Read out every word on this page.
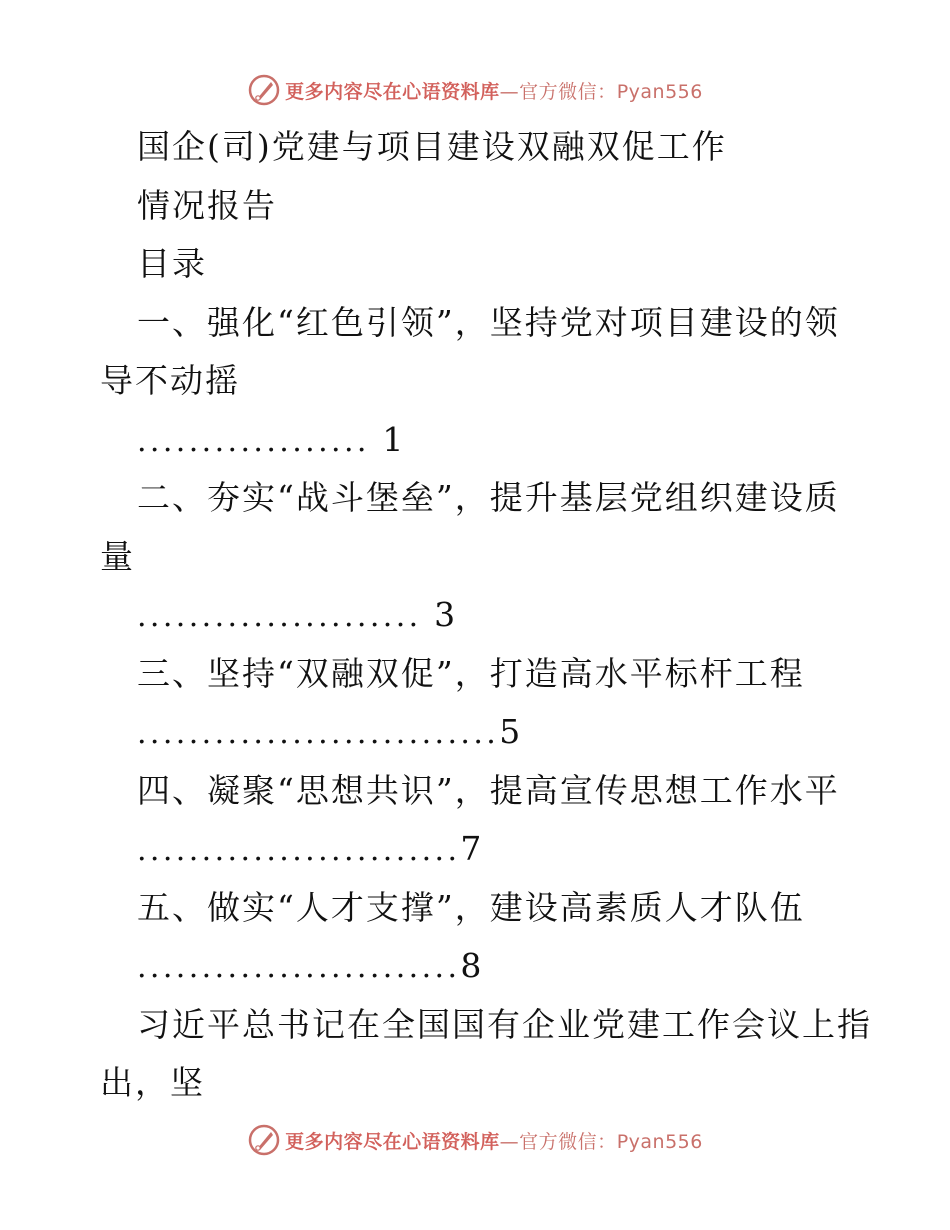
更多内容尽在心语资料库—官方微信：Pyan556
国企(司)党建与项目建设双融双促工作
情况报告
目录
一、强化“红色引领”，坚持党对项目建设的领
导不动摇
.................. 1
二、夯实“战斗堡垒”，提升基层党组织建设质
量
...................... 3
三、坚持“双融双促”，打造高水平标杆工程
............................5
四、凝聚“思想共识”，提高宣传思想工作水平
.........................7
五、做实“人才支撑”，建设高素质人才队伍
.........................8
习近平总书记在全国国有企业党建工作会议上指
出，坚
更多内容尽在心语资料库—官方微信：Pyan556
